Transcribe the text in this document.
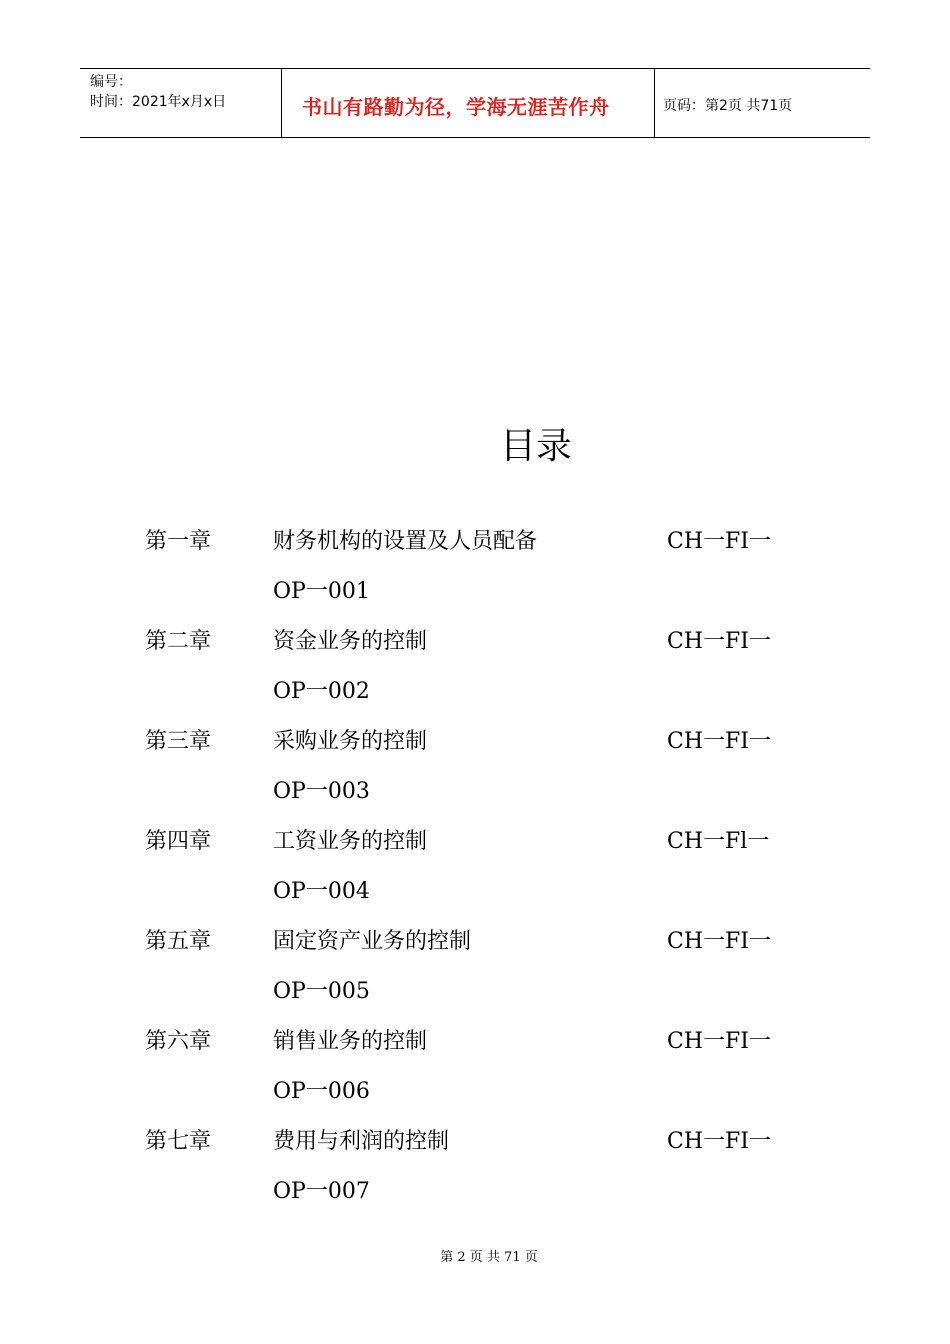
编号：
时间：2021年x月x日	书山有路勤为径，学海无涯苦作舟	页码：第2页 共71页
目录
第一章	财务机构的设置及人员配备	CH一FI一
OP一001
第二章	资金业务的控制	CH一FI一
OP一002
第三章	采购业务的控制	CH一FI一
OP一003
第四章	工资业务的控制	CH一Fl一
OP一004
第五章	固定资产业务的控制	CH一FI一
OP一005
第六章	销售业务的控制	CH一FI一
OP一006
第七章	费用与利润的控制	CH一FI一
OP一007
第 2 页 共 71 页
